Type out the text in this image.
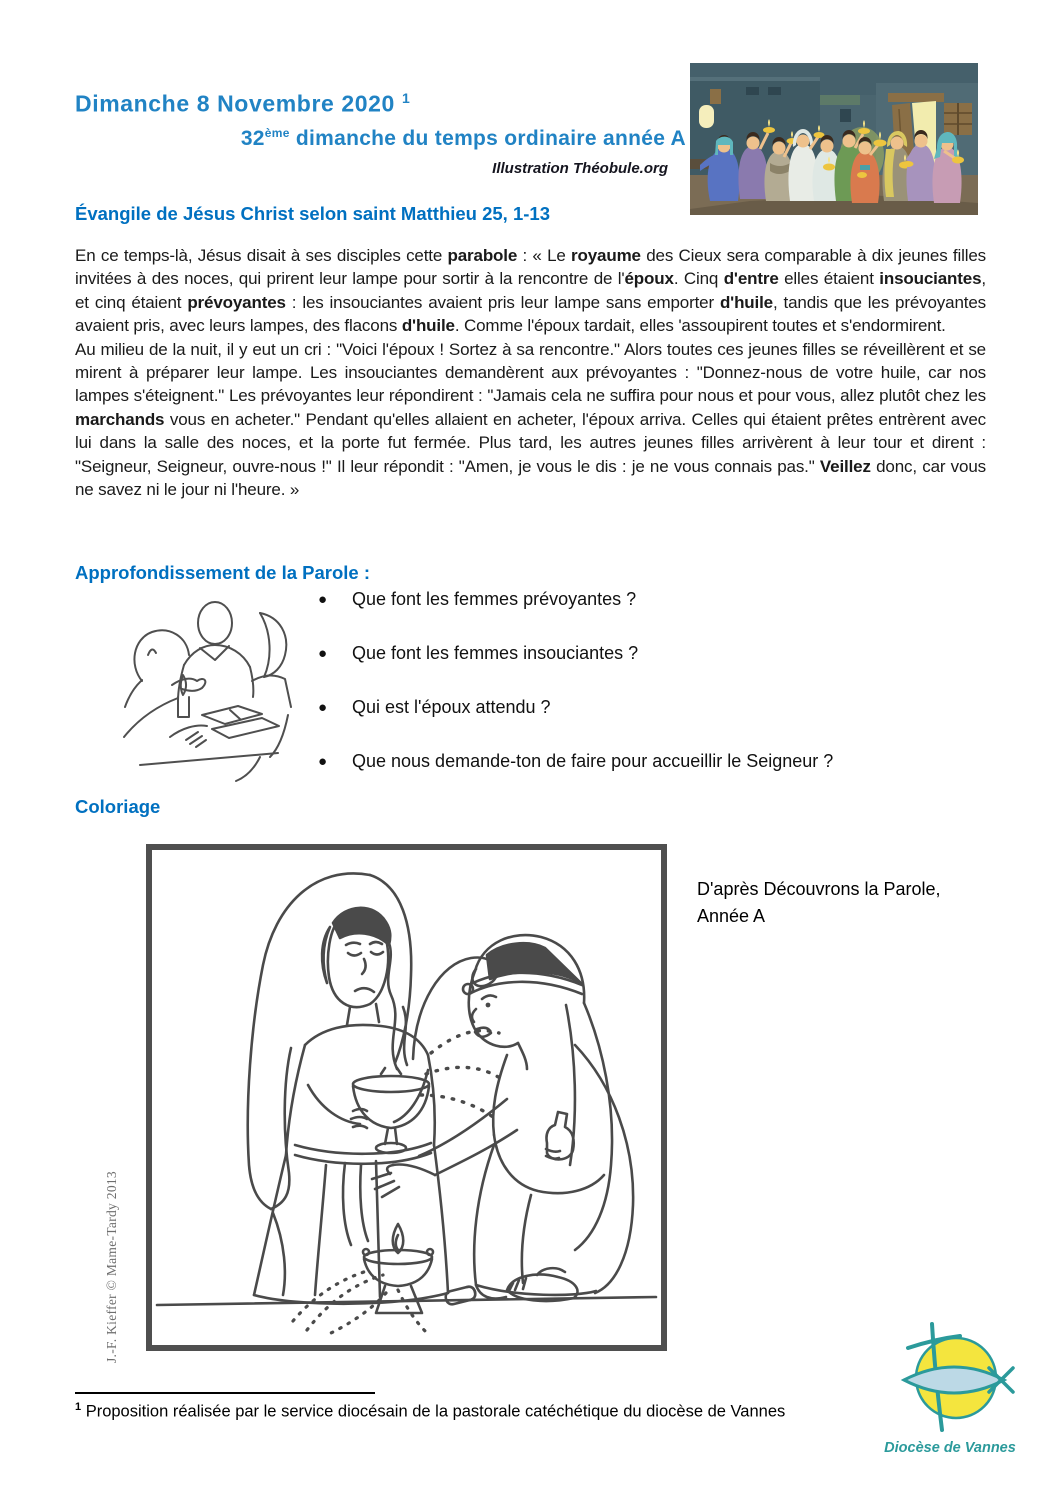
Dimanche 8 Novembre 2020 $^1$
32ème dimanche du temps ordinaire année A
Illustration Théobule.org
Évangile de Jésus Christ selon saint Matthieu 25, 1-13

En ce temps-là, Jésus disait à ses disciples cette parabole : « Le royaume des Cieux sera comparable à dix jeunes filles invitées à des noces, qui prirent leur lampe pour sortir à la rencontre de l'époux. Cinq d'entre elles étaient insouciantes, et cinq étaient prévoyantes : les insouciantes avaient pris leur lampe sans emporter d'huile, tandis que les prévoyantes avaient pris, avec leurs lampes, des flacons d'huile. Comme l'époux tardait, elles 'assoupirent toutes et s'endormirent.

Au milieu de la nuit, il y eut un cri : "Voici l'époux ! Sortez à sa rencontre." Alors toutes ces jeunes filles se réveillèrent et se mirent à préparer leur lampe. Les insouciantes demandèrent aux prévoyantes : "Donnez-nous de votre huile, car nos lampes s'éteignent." Les prévoyantes leur répondirent : "Jamais cela ne suffira pour nous et pour vous, allez plutôt chez les marchands vous en acheter." Pendant qu'elles allaient en acheter, l'époux arriva. Celles qui étaient prêtes entrèrent avec lui dans la salle des noces, et la porte fut fermée. Plus tard, les autres jeunes filles arrivèrent à leur tour et dirent : "Seigneur, Seigneur, ouvre-nous !" Il leur répondit : "Amen, je vous le dis : je ne vous connais pas." Veillez donc, car vous ne savez ni le jour ni l'heure. »

Approfondissement de la Parole :
●	Que font les femmes prévoyantes ?
●	Que font les femmes insouciantes ?
●	Qui est l'époux attendu ?
●	Que nous demande-ton de faire pour accueillir le Seigneur ?
Coloriage
J.-F. Kieffer © Mame-Tardy 2013
D'après Découvrons la Parole,
Année A
$^1$ Proposition réalisée par le service diocésain de la pastorale catéchétique du diocèse de Vannes
Diocèse de Vannes
